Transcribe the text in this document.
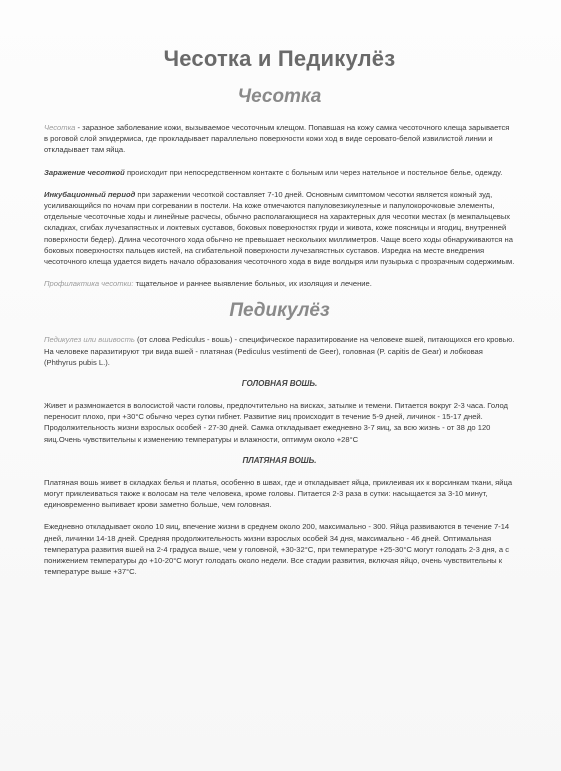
Чесотка и Педикулёз
Чесотка

Чесотка - заразное заболевание кожи, вызываемое чесоточным клещом. Попавшая на кожу самка чесоточного клеща зарывается в роговой слой эпидермиса, где прокладывает параллельно поверхности кожи ход в виде серовато-белой извилистой линии и откладывает там яйца.

Заражение чесоткой происходит при непосредственном контакте с больным или через нательное и постельное белье, одежду.

Инкубационный период при заражении чесоткой составляет 7-10 дней. Основным симптомом чесотки является кожный зуд, усиливающийся по ночам при согревании в постели. На коже отмечаются папуловезикулезные и папулокорочковые элементы, отдельные чесоточные ходы и линейные расчесы, обычно располагающиеся на характерных для чесотки местах (в межпальцевых складках, сгибах лучезапястных и локтевых суставов, боковых поверхностях груди и живота, коже поясницы и ягодиц, внутренней поверхности бедер). Длина чесоточного хода обычно не превышает нескольких миллиметров. Чаще всего ходы обнаруживаются на боковых поверхностях пальцев кистей, на сгибательной поверхности лучезапястных суставов. Изредка на месте внедрения чесоточного клеща удается видеть начало образования чесоточного хода в виде волдыря или пузырька с прозрачным содержимым.

Профилактика чесотки: тщательное и раннее выявление больных, их изоляция и лечение.

Педикулёз

Педикулез или вшивость (от слова Pediculus - вошь) - специфическое паразитирование на человеке вшей, питающихся его кровью. На человеке паразитируют три вида вшей - платяная (Pediculus vestimenti de Geer), головная (P. capitis de Gear) и лобковая (Phthyrus pubis L.).

ГОЛОВНАЯ ВОШЬ.

Живет и размножается в волосистой части головы, предпочтительно на висках, затылке и темени. Питается вокруг 2-3 часа. Голод переносит плохо, при +30°С обычно через сутки гибнет. Развитие яиц происходит в течение 5-9 дней, личинок - 15-17 дней. Продолжительность жизни взрослых особей - 27-30 дней. Самка откладывает ежедневно 3-7 яиц, за всю жизнь - от 38 до 120 яиц.Очень чувствительны к изменению температуры и влажности, оптимум около +28°С

ПЛАТЯНАЯ ВОШЬ.

Платяная вошь живет в складках белья и платья, особенно в швах, где и откладывает яйца, приклеивая их к ворсинкам ткани, яйца могут приклеиваться также к волосам на теле человека, кроме головы. Питается 2-3 раза в сутки: насыщается за 3-10 минут, единовременно выпивает крови заметно больше, чем головная.

Ежедневно откладывает около 10 яиц, впечение жизни в среднем около 200, максимально - 300. Яйца развиваются в течение 7-14 дней, личинки 14-18 дней. Средняя продолжительность жизни взрослых особей 34 дня, максимально - 46 дней. Оптимальная температура развития вшей на 2-4 градуса выше, чем у головной, +30-32°С, при температуре +25-30°С могут голодать 2-3 дня, а с понижением температуры до +10-20°С могут голодать около недели. Все стадии развития, включая яйцо, очень чувствительны к температуре выше +37°С.
